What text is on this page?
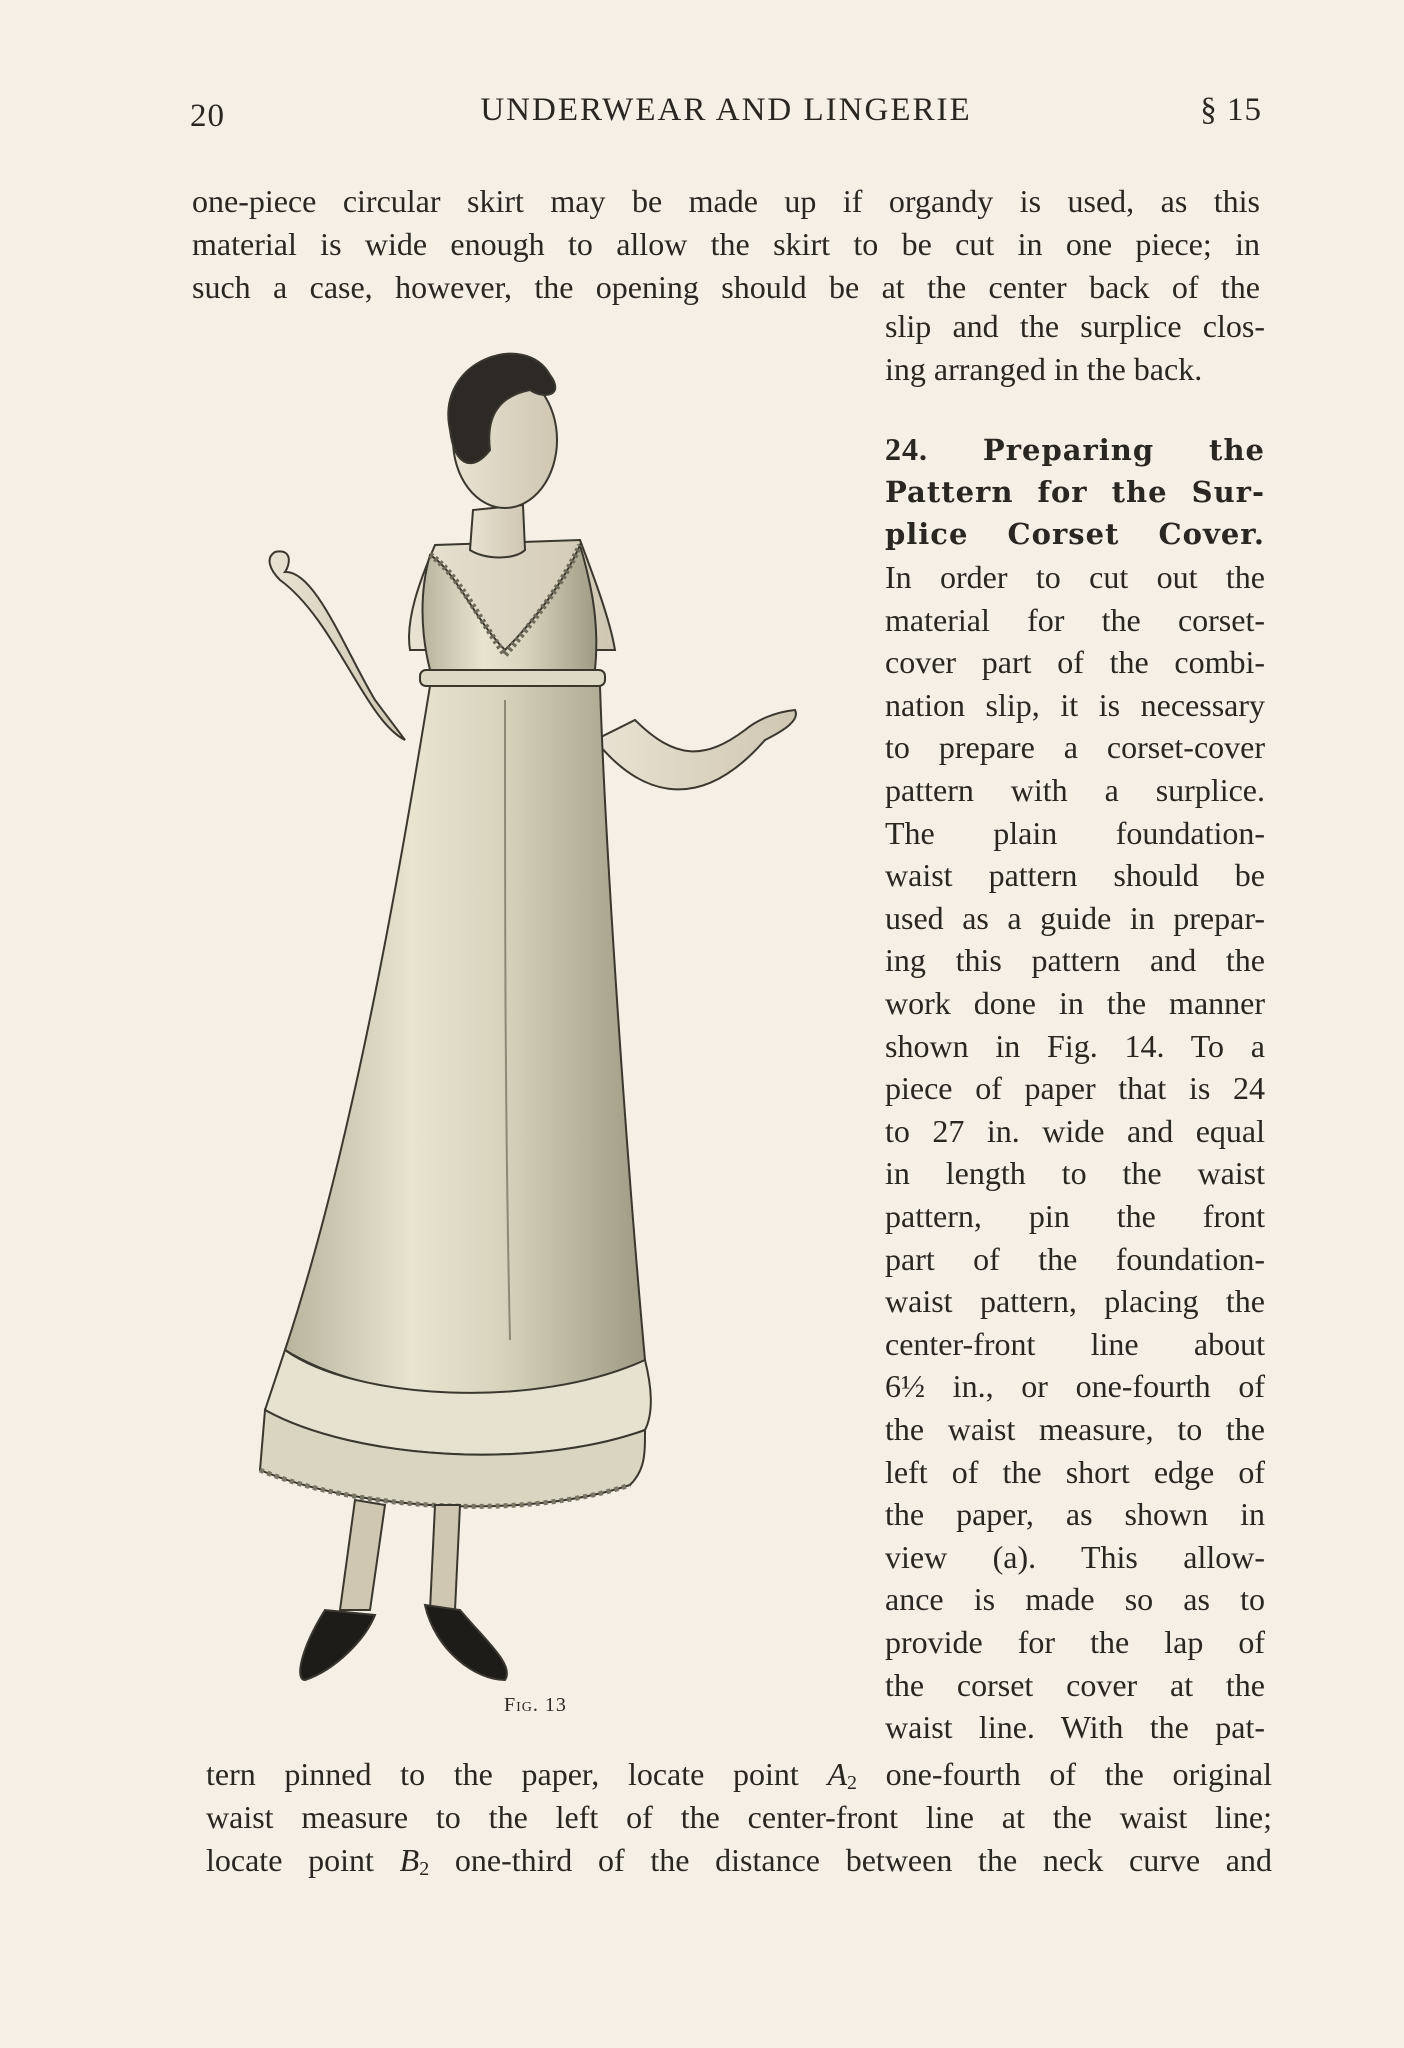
20	UNDERWEAR AND LINGERIE	§ 15
one-piece circular skirt may be made up if organdy is used, as this
material is wide enough to allow the skirt to be cut in one piece; in
such a case, however, the opening should be at the center back of the
slip and the surplice clos-
ing arranged in the back.
24. Preparing the
Pattern for the Sur-
plice Corset Cover.
In order to cut out the
material for the corset-
cover part of the combi-
nation slip, it is necessary
to prepare a corset-cover
pattern with a surplice.
The plain foundation-
waist pattern should be
used as a guide in prepar-
ing this pattern and the
work done in the manner
shown in Fig. 14. To a
piece of paper that is 24
to 27 in. wide and equal
in length to the waist
pattern, pin the front
part of the foundation-
waist pattern, placing the
center-front line about
6½ in., or one-fourth of
the waist measure, to the
left of the short edge of
the paper, as shown in
view (a). This allow-
ance is made so as to
provide for the lap of
the corset cover at the
waist line. With the pat-
tern pinned to the paper, locate point $A_2$ one-fourth of the original
waist measure to the left of the center-front line at the waist line;
locate point $B_2$ one-third of the distance between the neck curve and
Fig. 13
